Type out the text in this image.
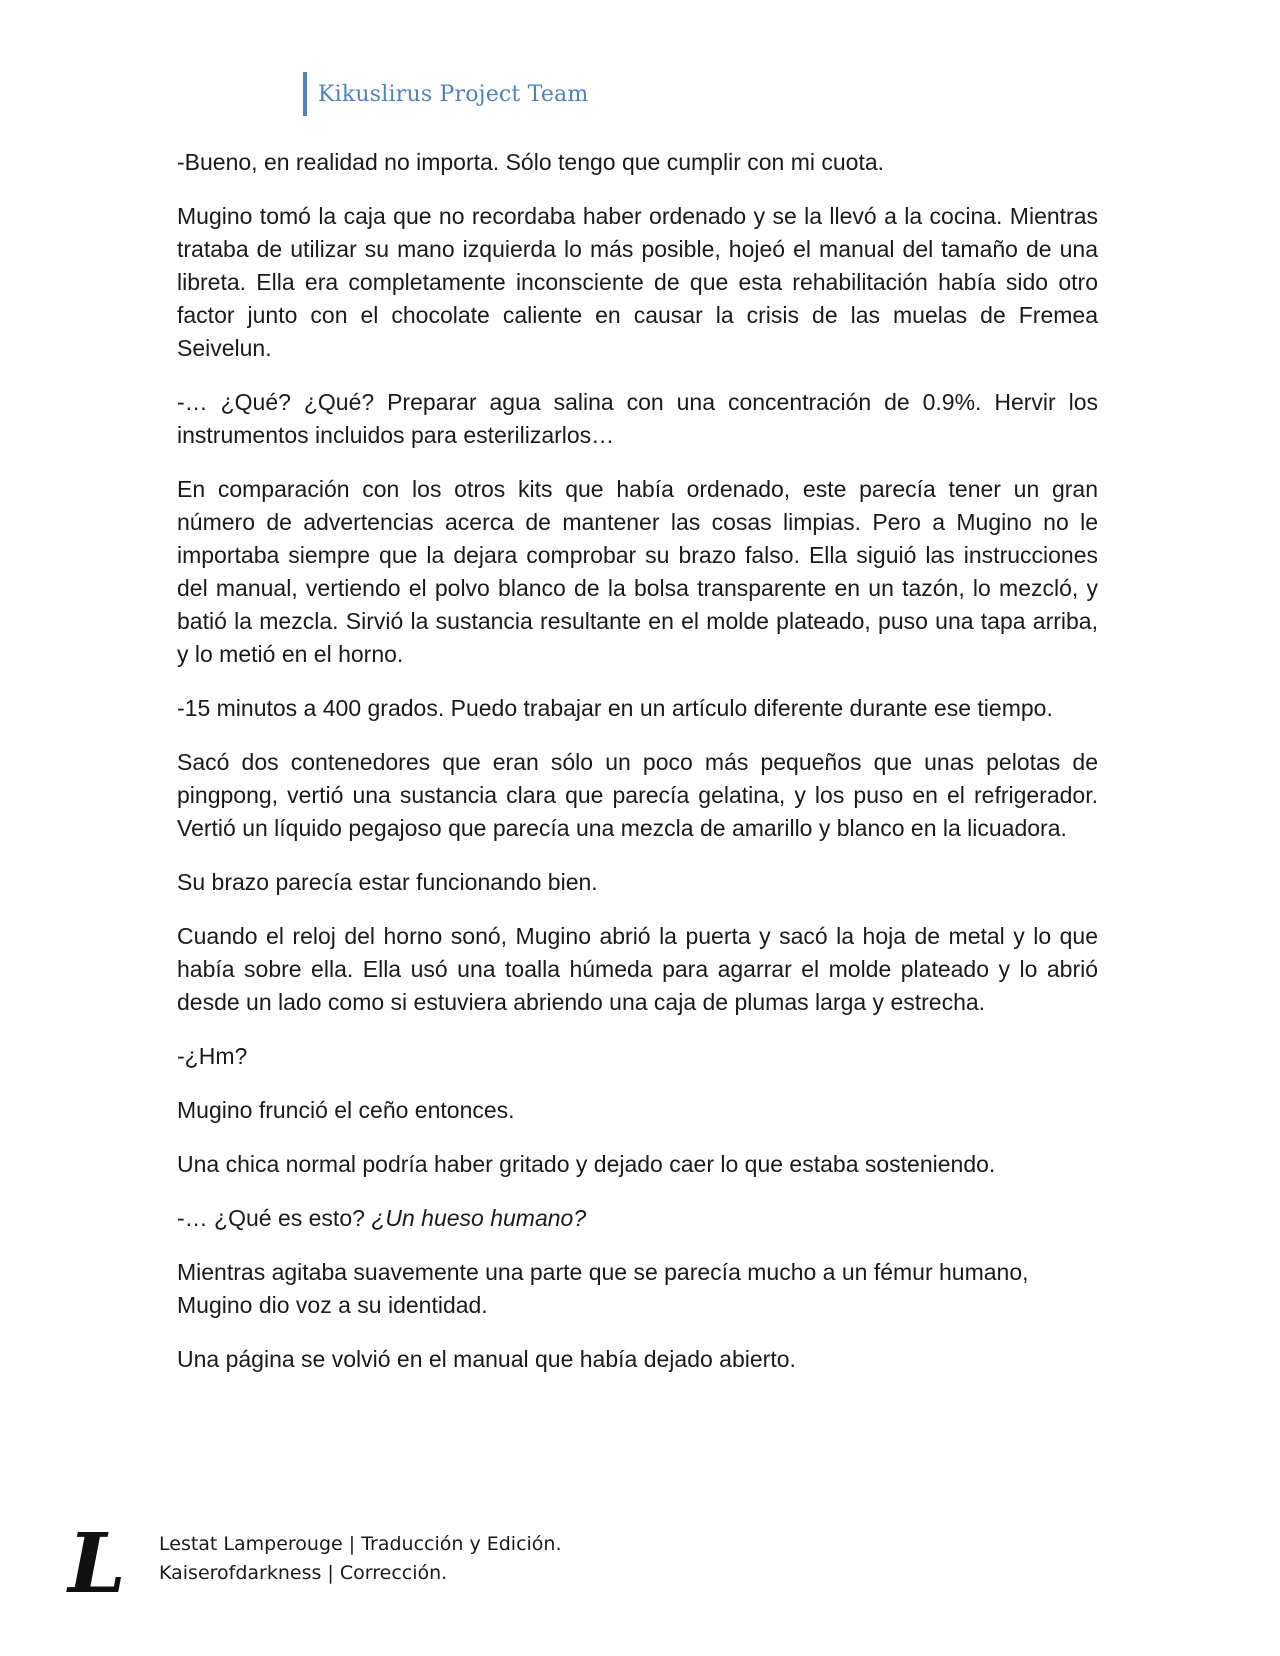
Kikuslirus Project Team

-Bueno, en realidad no importa. Sólo tengo que cumplir con mi cuota.

Mugino tomó la caja que no recordaba haber ordenado y se la llevó a la cocina. Mientras trataba de utilizar su mano izquierda lo más posible, hojeó el manual del tamaño de una libreta. Ella era completamente inconsciente de que esta rehabilitación había sido otro factor junto con el chocolate caliente en causar la crisis de las muelas de Fremea Seivelun.

-… ¿Qué? ¿Qué? Preparar agua salina con una concentración de 0.9%. Hervir los instrumentos incluidos para esterilizarlos…

En comparación con los otros kits que había ordenado, este parecía tener un gran número de advertencias acerca de mantener las cosas limpias. Pero a Mugino no le importaba siempre que la dejara comprobar su brazo falso. Ella siguió las instrucciones del manual, vertiendo el polvo blanco de la bolsa transparente en un tazón, lo mezcló, y batió la mezcla. Sirvió la sustancia resultante en el molde plateado, puso una tapa arriba, y lo metió en el horno.

-15 minutos a 400 grados. Puedo trabajar en un artículo diferente durante ese tiempo.

Sacó dos contenedores que eran sólo un poco más pequeños que unas pelotas de pingpong, vertió una sustancia clara que parecía gelatina, y los puso en el refrigerador. Vertió un líquido pegajoso que parecía una mezcla de amarillo y blanco en la licuadora.

Su brazo parecía estar funcionando bien.

Cuando el reloj del horno sonó, Mugino abrió la puerta y sacó la hoja de metal y lo que había sobre ella. Ella usó una toalla húmeda para agarrar el molde plateado y lo abrió desde un lado como si estuviera abriendo una caja de plumas larga y estrecha.

-¿Hm?

Mugino frunció el ceño entonces.

Una chica normal podría haber gritado y dejado caer lo que estaba sosteniendo.

-… ¿Qué es esto? ¿Un hueso humano?

Mientras agitaba suavemente una parte que se parecía mucho a un fémur humano, Mugino dio voz a su identidad.

Una página se volvió en el manual que había dejado abierto.

L Lestat Lamperouge | Traducción y Edición.
Kaiserofdarkness | Corrección.
